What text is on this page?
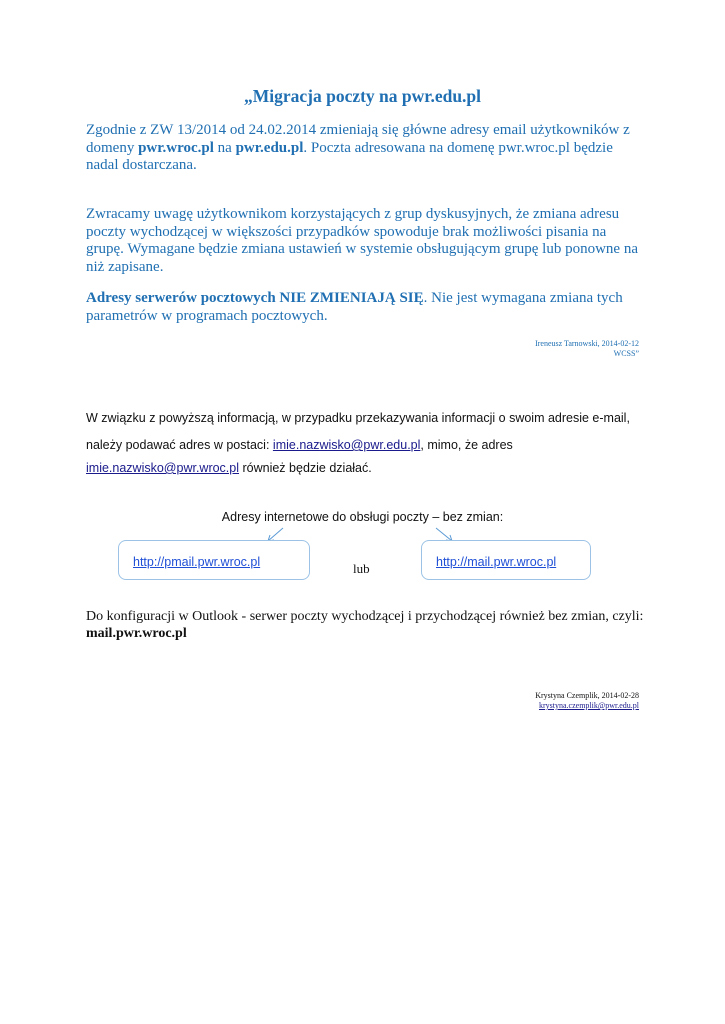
„Migracja poczty na pwr.edu.pl
Zgodnie z ZW 13/2014 od 24.02.2014 zmieniają się główne adresy email użytkowników z domeny pwr.wroc.pl na pwr.edu.pl. Poczta adresowana na domenę pwr.wroc.pl będzie nadal dostarczana.
Zwracamy uwagę użytkownikom korzystających z grup dyskusyjnych, że zmiana adresu poczty wychodzącej w większości przypadków spowoduje brak możliwości pisania na grupę. Wymagane będzie zmiana ustawień w systemie obsługującym grupę lub ponowne na niż zapisane.
Adresy serwerów pocztowych NIE ZMIENIAJĄ SIĘ. Nie jest wymagana zmiana tych parametrów w programach pocztowych.
Ireneusz Tarnowski, 2014-02-12
WCSS”
W związku z powyższą informacją, w przypadku przekazywania informacji o swoim adresie e-mail,
należy podawać adres w postaci: imie.nazwisko@pwr.edu.pl, mimo, że adres
imie.nazwisko@pwr.wroc.pl również będzie działać.
Adresy internetowe do obsługi poczty – bez zmian:
http://pmail.pwr.wroc.pl	lub	http://mail.pwr.wroc.pl
Do konfiguracji w Outlook - serwer poczty wychodzącej i przychodzącej również bez zmian, czyli:
mail.pwr.wroc.pl
Krystyna Czemplik, 2014-02-28
krystyna.czemplik@pwr.edu.pl
